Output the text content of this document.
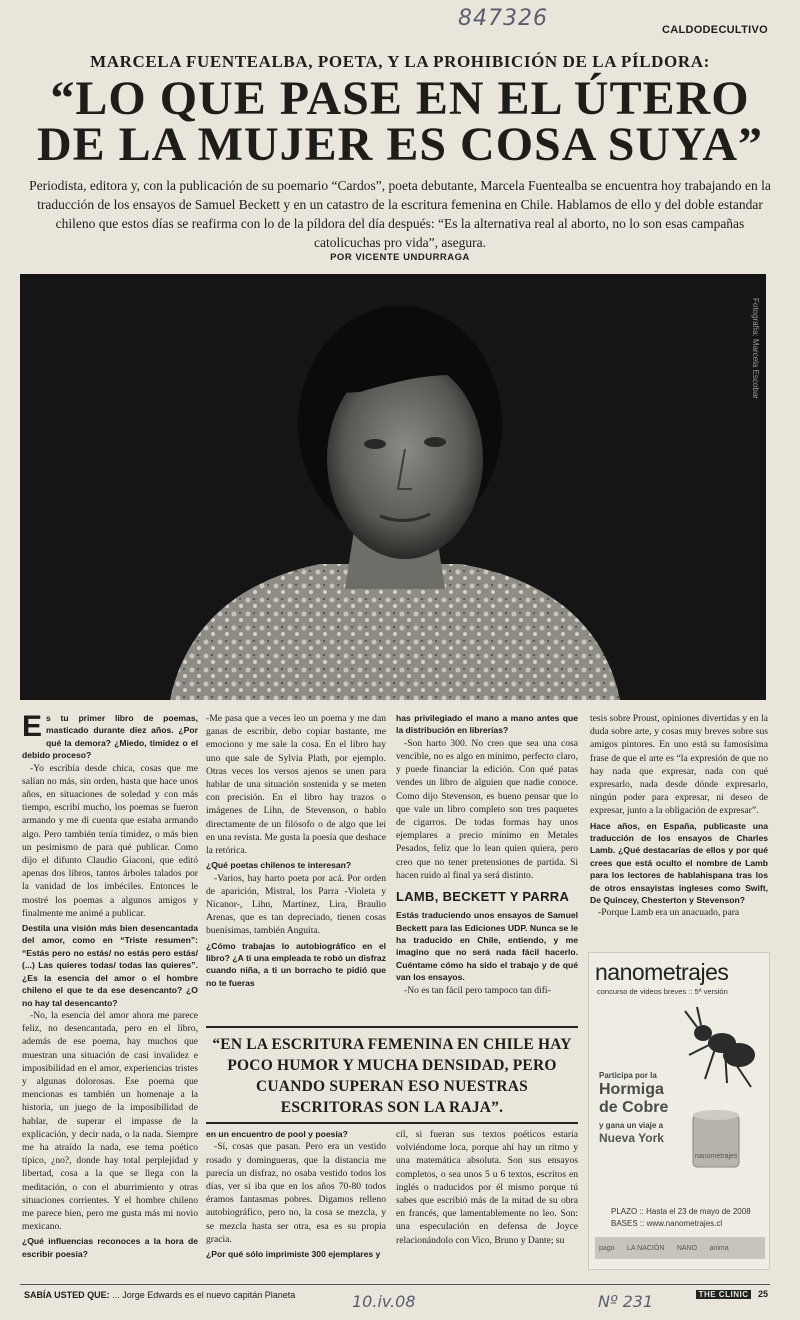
847326	CALDODECULTIVO
MARCELA FUENTEALBA, POETA, Y LA PROHIBICIÓN DE LA PÍLDORA:
“LO QUE PASE EN EL ÚTERO DE LA MUJER ES COSA SUYA”

Periodista, editora y, con la publicación de su poemario “Cardos”, poeta debutante, Marcela Fuentealba se encuentra hoy trabajando en la traducción de los ensayos de Samuel Beckett y en un catastro de la escritura femenina en Chile. Hablamos de ello y del doble estandar chileno que estos días se reafirma con lo de la píldora del día después: “Es la alternativa real al aborto, no lo son esas campañas catolicuchas pro vida”, asegura.

POR VICENTE UNDURRAGA
Fotografía: Marcela Escobar

Es tu primer libro de poemas, masticado durante diez años. ¿Por qué la demora? ¿Miedo, timidez o el debido proceso?

-Yo escribía desde chica, cosas que me salían no más, sin orden, hasta que hace unos años, en situaciones de soledad y con más tiempo, escribí mucho, los poemas se fueron armando y me di cuenta que estaba armando algo. Pero también tenía timidez, o más bien un pesimismo de para qué publicar. Como dijo el difunto Claudio Giaconi, que editó apenas dos libros, tantos árboles talados por la vanidad de los imbéciles. Entonces le mostré los poemas a algunos amigos y finalmente me animé a publicar.

Destila una visión más bien desencantada del amor, como en “Triste resumen”: “Estás pero no estás/ no estás pero estás/ (...) Las quieres todas/ todas las quieres”. ¿Es la esencia del amor o el hombre chileno el que te da ese desencanto? ¿O no hay tal desencanto?

-No, la esencia del amor ahora me parece feliz, no desencantada, pero en el libro, además de ese poema, hay muchos que muestran una situación de casi invalidez e imposibilidad en el amor, experiencias tristes y algunas dolorosas. Ese poema que mencionas es también un homenaje a la historia, un juego de la imposibilidad de hablar, de superar el impasse de la explicación, y decir nada, o la nada. Siempre me ha atraído la nada, ese tema poético típico, ¿no?, donde hay total perplejidad y libertad, cosa a la que se llega con la meditación, o con el aburrimiento y otras situaciones corrientes. Y el hombre chileno me parece bien, pero me gusta más mi novio mexicano.

¿Qué influencias reconoces a la hora de escribir poesía?

-Me pasa que a veces leo un poema y me dan ganas de escribir, debo copiar bastante, me emociono y me sale la cosa. En el libro hay uno que sale de Sylvia Plath, por ejemplo. Otras veces los versos ajenos se unen para hablar de una situación sostenida y se meten con precisión. En el libro hay trazos o imágenes de Lihn, de Stevenson, o hablo directamente de un filósofo o de algo que leí en una revista. Me gusta la poesía que deshace la retórica.

¿Qué poetas chilenos te interesan?

-Varios, hay harto poeta por acá. Por orden de aparición, Mistral, los Parra -Violeta y Nicanor-, Lihn, Martínez, Lira, Braulio Arenas, que es tan depreciado, tienen cosas buenísimas, también Anguita.

¿Cómo trabajas lo autobiográfico en el libro? ¿A ti una empleada te robó un disfraz cuando niña, a ti un borracho te pidió que no te fueras

has privilegiado el mano a mano antes que la distribución en librerías?

-Son harto 300. No creo que sea una cosa vencible, no es algo en mínimo, perfecto claro, y puede financiar la edición. Con qué patas vendes un libro de alguien que nadie conoce. Como dijo Stevenson, es bueno pensar que lo que vale un libro completo son tres paquetes de cigarros. De todas formas hay unos ejemplares a precio mínimo en Metales Pesados, feliz que lo lean quien quiera, pero creo que no tener pretensiones de partida. Si hacen ruido al final ya será distinto.

LAMB, BECKETT Y PARRA

Estás traduciendo unos ensayos de Samuel Beckett para las Ediciones UDP. Nunca se le ha traducido en Chile, entiendo, y me imagino que no será nada fácil hacerlo. Cuéntame cómo ha sido el trabajo y de qué van los ensayos.

-No es tan fácil pero tampoco tan difí-

tesis sobre Proust, opiniones divertidas y en la duda sobre arte, y cosas muy breves sobre sus amigos pintores. En uno está su famosísima frase de que el arte es “la expresión de que no hay nada que expresar, nada con qué expresarlo, nada desde dónde expresarlo, ningún poder para expresar, ni deseo de expresar, junto a la obligación de expresar”.

Hace años, en España, publicaste una traducción de los ensayos de Charles Lamb. ¿Qué destacarías de ellos y por qué crees que está oculto el nombre de Lamb para los lectores de hablahispana tras los de otros ensayistas ingleses como Swift, De Quincey, Chesterton y Stevenson?

-Porque Lamb era un anacuado, para

“EN LA ESCRITURA FEMENINA EN CHILE HAY POCO HUMOR Y MUCHA DENSIDAD, PERO CUANDO SUPERAN ESO NUESTRAS ESCRITORAS SON LA RAJA”.

en un encuentro de pool y poesía?

-Sí, cosas que pasan. Pero era un vestido rosado y domingueras, que la distancia me parecía un disfraz, no osaba vestido todos los días, ver si iba que en los años 70-80 todos éramos fantasmas pobres. Digamos relleno autobiográfico, pero no, la cosa se mezcla, y se mezcla hasta ser otra, esa es su propia gracia.

¿Por qué sólo imprimiste 300 ejemplares y

cil, si fueran sus textos poéticos estaría volviéndome loca, porque ahí hay un ritmo y una matemática absoluta. Son sus ensayos completos, o sea unos 5 u 6 textos, escritos en inglés o traducidos por él mismo porque tú sabes que escribió más de la mitad de su obra en francés, que lamentablemente no leo. Son: una especulación en defensa de Joyce relacionándolo con Vico, Bruno y Dante; su

nanometrajes
concurso de videos breves :: 5ª versión
nanometrajes
Participa por la
Hormiga de Cobre
y gana un viaje a
Nueva York
PLAZO :: Hasta el 23 de mayo de 2008
BASES :: www.nanometrajes.cl
pago LA NACIÓN NANO anima
SABÍA USTED QUE: ... Jorge Edwards es el nuevo capitán Planeta	10.iv.08	Nº 231	THE CLINIC 25
